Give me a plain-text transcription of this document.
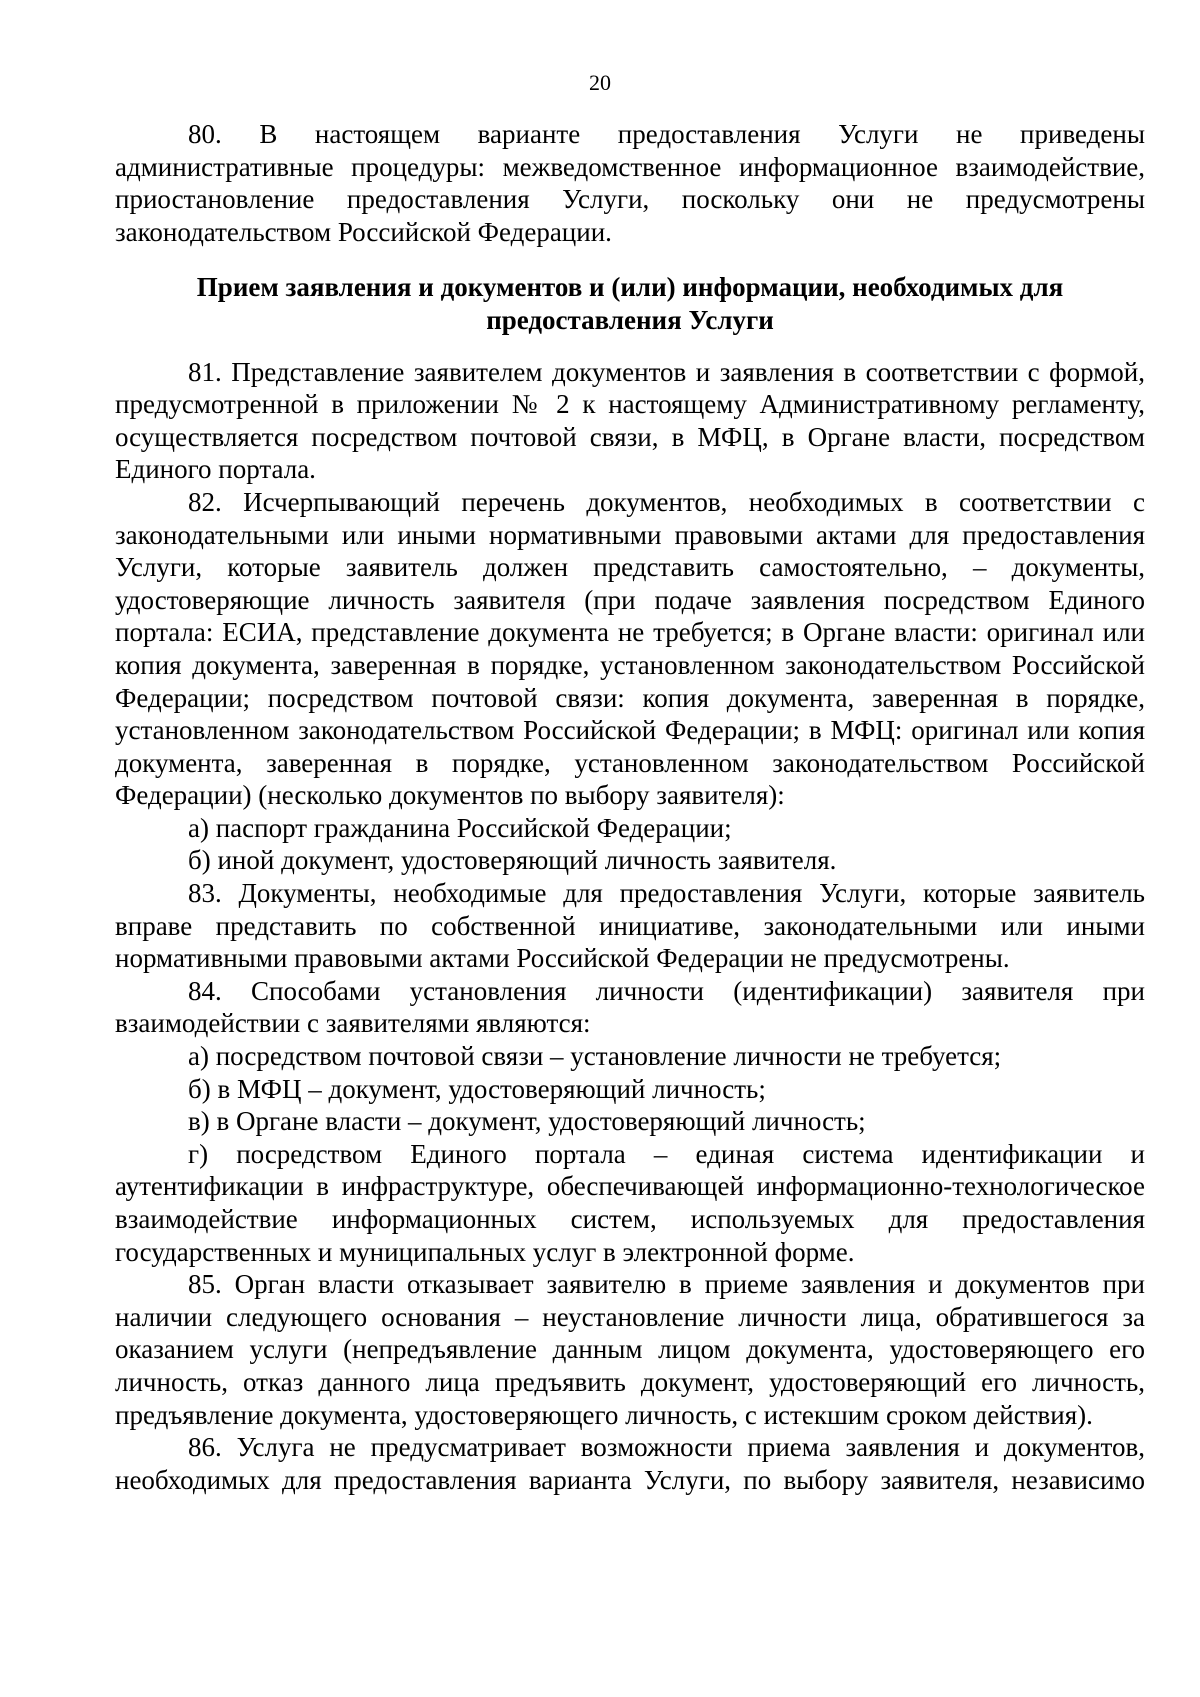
20

80. В настоящем варианте предоставления Услуги не приведены административные процедуры: межведомственное информационное взаимодействие, приостановление предоставления Услуги, поскольку они не предусмотрены законодательством Российской Федерации.

Прием заявления и документов и (или) информации, необходимых для предоставления Услуги

81. Представление заявителем документов и заявления в соответствии с формой, предусмотренной в приложении № 2 к настоящему Административному регламенту, осуществляется посредством почтовой связи, в МФЦ, в Органе власти, посредством Единого портала.

82. Исчерпывающий перечень документов, необходимых в соответствии с законодательными или иными нормативными правовыми актами для предоставления Услуги, которые заявитель должен представить самостоятельно, – документы, удостоверяющие личность заявителя (при подаче заявления посредством Единого портала: ЕСИА, представление документа не требуется; в Органе власти: оригинал или копия документа, заверенная в порядке, установленном законодательством Российской Федерации; посредством почтовой связи: копия документа, заверенная в порядке, установленном законодательством Российской Федерации; в МФЦ: оригинал или копия документа, заверенная в порядке, установленном законодательством Российской Федерации) (несколько документов по выбору заявителя):

а) паспорт гражданина Российской Федерации;

б) иной документ, удостоверяющий личность заявителя.

83. Документы, необходимые для предоставления Услуги, которые заявитель вправе представить по собственной инициативе, законодательными или иными нормативными правовыми актами Российской Федерации не предусмотрены.

84. Способами установления личности (идентификации) заявителя при взаимодействии с заявителями являются:

а) посредством почтовой связи – установление личности не требуется;

б) в МФЦ – документ, удостоверяющий личность;

в) в Органе власти – документ, удостоверяющий личность;

г) посредством Единого портала – единая система идентификации и аутентификации в инфраструктуре, обеспечивающей информационно-технологическое взаимодействие информационных систем, используемых для предоставления государственных и муниципальных услуг в электронной форме.

85. Орган власти отказывает заявителю в приеме заявления и документов при наличии следующего основания – неустановление личности лица, обратившегося за оказанием услуги (непредъявление данным лицом документа, удостоверяющего его личность, отказ данного лица предъявить документ, удостоверяющий его личность, предъявление документа, удостоверяющего личность, с истекшим сроком действия).

86. Услуга не предусматривает возможности приема заявления и документов, необходимых для предоставления варианта Услуги, по выбору заявителя, независимо
